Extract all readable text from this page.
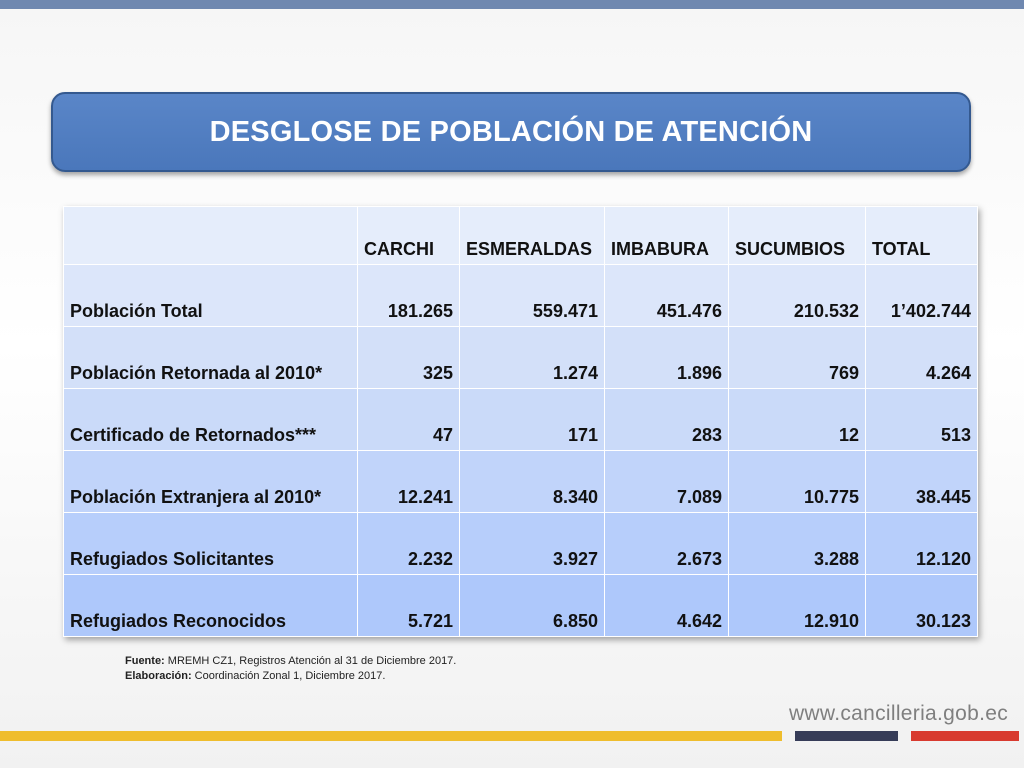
DESGLOSE DE POBLACIÓN DE ATENCIÓN
	CARCHI	ESMERALDAS	IMBABURA	SUCUMBIOS	TOTAL
Población Total	181.265	559.471	451.476	210.532	1’402.744
Población Retornada al 2010*	325	1.274	1.896	769	4.264
Certificado de Retornados***	47	171	283	12	513
Población Extranjera al 2010*	12.241	8.340	7.089	10.775	38.445
Refugiados Solicitantes	2.232	3.927	2.673	3.288	12.120
Refugiados Reconocidos	5.721	6.850	4.642	12.910	30.123
Fuente: MREMH CZ1, Registros Atención al 31 de Diciembre 2017.
Elaboración: Coordinación Zonal 1, Diciembre 2017.
www.cancilleria.gob.ec
